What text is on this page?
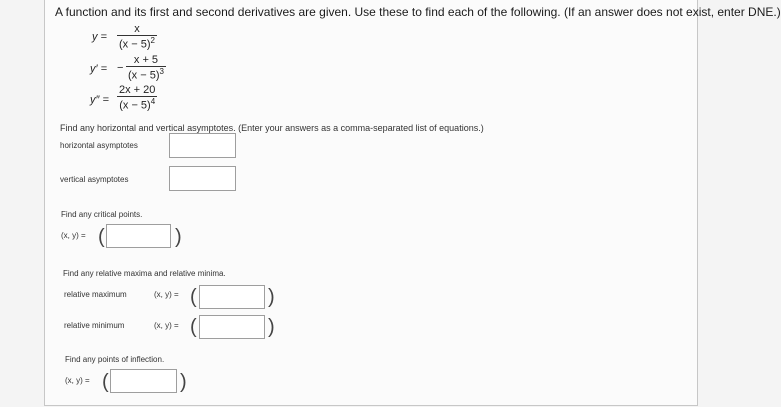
A function and its first and second derivatives are given. Use these to find each of the following. (If an answer does not exist, enter DNE.)
$y = \frac{x}{(x - 5)^2}$
y′ = − $\frac{x + 5}{(x - 5)^3}$
$y'' = \frac{2x + 20}{(x - 5)^4}$
Find any horizontal and vertical asymptotes. (Enter your answers as a comma-separated list of equations.)
horizontal asymptotes
vertical asymptotes
Find any critical points.
(x, y) = (	)
Find any relative maxima and relative minima.
relative maximum	(x, y) = (	)
relative minimum	(x, y) = (	)
Find any points of inflection.
(x, y) = (	)
